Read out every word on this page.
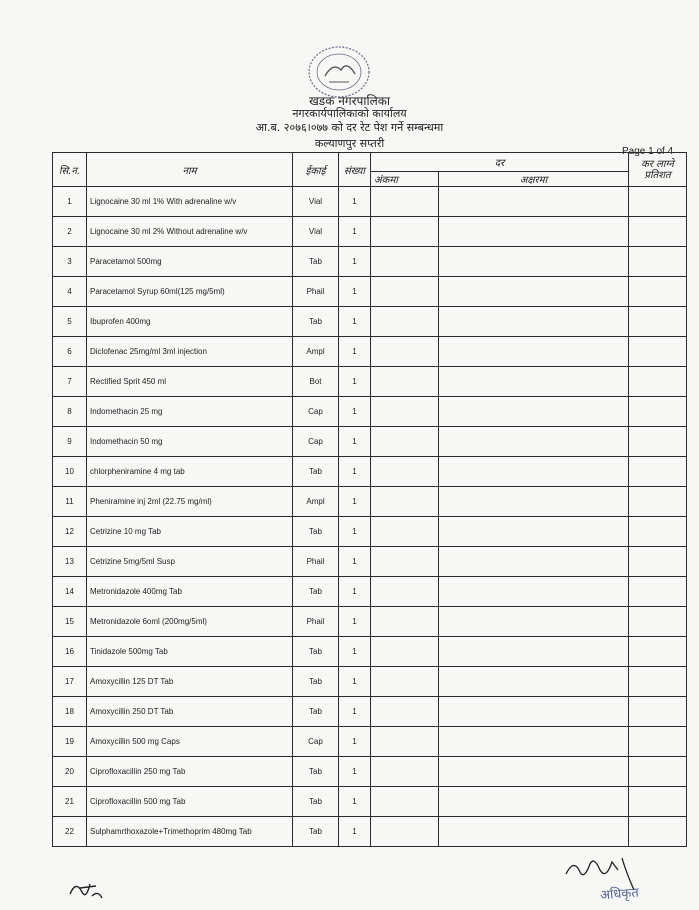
खडक नगरपालिका
नगरकार्यपालिकाको कार्यालय
आ.ब. २०७६।०७७ को दर रेट पेश गर्ने सम्बन्धमा
कल्याणपुर सप्तरी
Page 1 of 4
सि.न.	नाम	ईकाई	संख्या	दर		कर लाग्ने प्रतिशत
				अंकमा	अक्षरमा	
1	Lignocaine 30 ml 1% With adrenaline w/v	Vial	1			
2	Lignocaine 30 ml 2% Without adrenaline w/v	Vial	1			
3	Paracetamol 500mg	Tab	1			
4	Paracetamol Syrup 60ml(125 mg/5ml)	Phail	1			
5	Ibuprofen 400mg	Tab	1			
6	Diclofenac 25mg/ml 3ml injection	Ampl	1			
7	Rectified Sprit 450 ml	Bot	1			
8	Indomethacin 25 mg	Cap	1			
9	Indomethacin 50 mg	Cap	1			
10	chlorpheniramine 4 mg tab	Tab	1			
11	Pheniramine inj 2ml (22.75 mg/ml)	Ampl	1			
12	Cetrizine 10 mg Tab	Tab	1			
13	Cetrizine 5mg/5ml Susp	Phail	1			
14	Metronidazole 400mg Tab	Tab	1			
15	Metronidazole 6oml (200mg/5ml)	Phail	1			
16	Tinidazole 500mg Tab	Tab	1			
17	Amoxycillin 125 DT Tab	Tab	1			
18	Amoxycillin 250 DT Tab	Tab	1			
19	Amoxycillin 500 mg Caps	Cap	1			
20	Ciprofloxacillin 250 mg Tab	Tab	1			
21	Ciprofloxacillin 500 mg Tab	Tab	1			
22	Sulphamrthoxazole+Trimethoprim 480mg Tab	Tab	1			
अधिकृत
